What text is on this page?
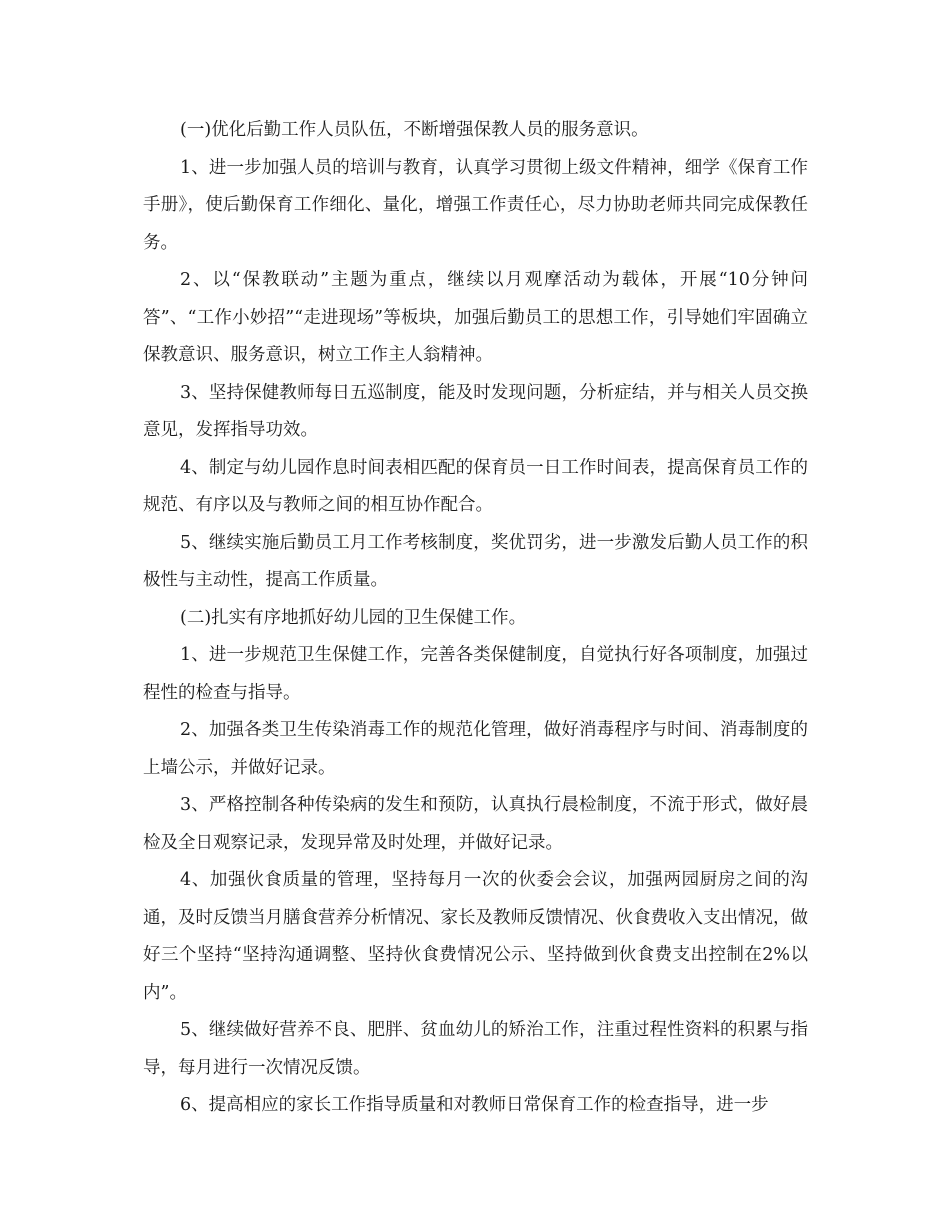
(一)优化后勤工作人员队伍，不断增强保教人员的服务意识。

1、进一步加强人员的培训与教育，认真学习贯彻上级文件精神，细学《保育工作手册》，使后勤保育工作细化、量化，增强工作责任心，尽力协助老师共同完成保教任务。

2、以“保教联动”主题为重点，继续以月观摩活动为载体，开展“10分钟问答”、“工作小妙招”“走进现场”等板块，加强后勤员工的思想工作，引导她们牢固确立保教意识、服务意识，树立工作主人翁精神。

3、坚持保健教师每日五巡制度，能及时发现问题，分析症结，并与相关人员交换意见，发挥指导功效。

4、制定与幼儿园作息时间表相匹配的保育员一日工作时间表，提高保育员工作的规范、有序以及与教师之间的相互协作配合。

5、继续实施后勤员工月工作考核制度，奖优罚劣，进一步激发后勤人员工作的积极性与主动性，提高工作质量。

(二)扎实有序地抓好幼儿园的卫生保健工作。

1、进一步规范卫生保健工作，完善各类保健制度，自觉执行好各项制度，加强过程性的检查与指导。

2、加强各类卫生传染消毒工作的规范化管理，做好消毒程序与时间、消毒制度的上墙公示，并做好记录。

3、严格控制各种传染病的发生和预防，认真执行晨检制度，不流于形式，做好晨检及全日观察记录，发现异常及时处理，并做好记录。

4、加强伙食质量的管理，坚持每月一次的伙委会会议，加强两园厨房之间的沟通，及时反馈当月膳食营养分析情况、家长及教师反馈情况、伙食费收入支出情况，做好三个坚持“坚持沟通调整、坚持伙食费情况公示、坚持做到伙食费支出控制在2%以内”。

5、继续做好营养不良、肥胖、贫血幼儿的矫治工作，注重过程性资料的积累与指导，每月进行一次情况反馈。

6、提高相应的家长工作指导质量和对教师日常保育工作的检查指导，进一步
